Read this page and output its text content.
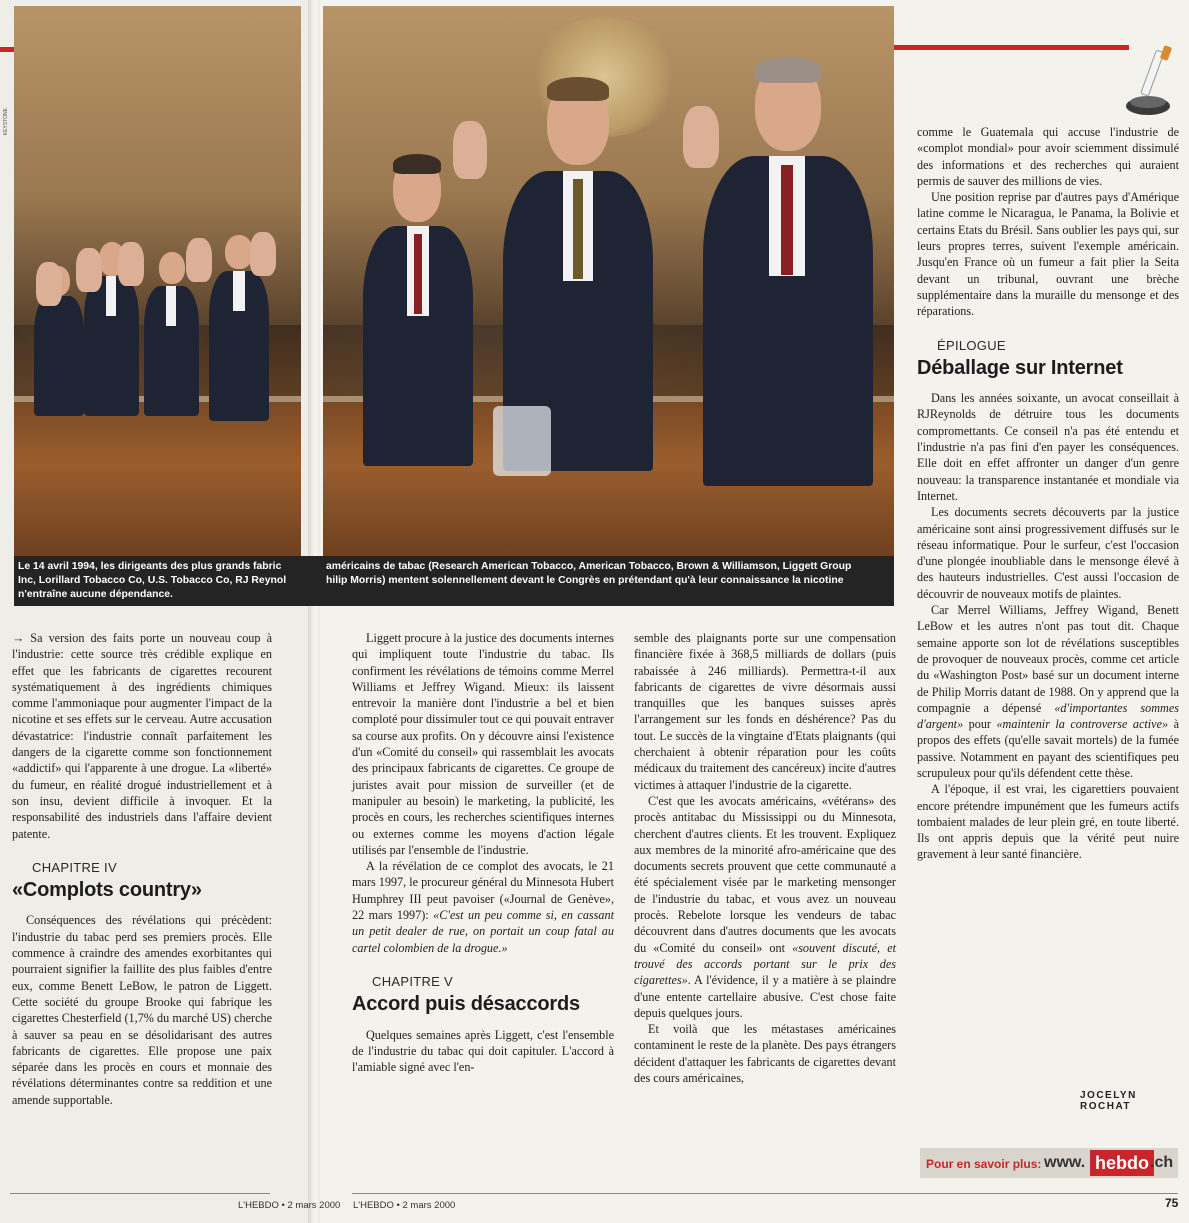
KEYSTONE
Le 14 avril 1994, les dirigeants des plus grands fabric
Inc, Lorillard Tobacco Co, U.S. Tobacco Co, RJ Reynol
n'entraîne aucune dépendance.
américains de tabac (Research American Tobacco, American Tobacco, Brown & Williamson, Liggett Group
hilip Morris) mentent solennellement devant le Congrès en prétendant qu'à leur connaissance la nicotine

→ Sa version des faits porte un nouveau coup à l'industrie: cette source très crédible explique en effet que les fabricants de cigarettes recourent systématiquement à des ingrédients chimiques comme l'ammoniaque pour augmenter l'impact de la nicotine et ses effets sur le cerveau. Autre accusation dévastatrice: l'industrie connaît parfaitement les dangers de la cigarette comme son fonctionnement «addictif» qui l'apparente à une drogue. La «liberté» du fumeur, en réalité drogué industriellement et à son insu, devient difficile à invoquer. Et la responsabilité des industriels dans l'affaire devient patente.

CHAPITRE IV
«Complots country»

Conséquences des révélations qui précèdent: l'industrie du tabac perd ses premiers procès. Elle commence à craindre des amendes exorbitantes qui pourraient signifier la faillite des plus faibles d'entre eux, comme Benett LeBow, le patron de Liggett. Cette société du groupe Brooke qui fabrique les cigarettes Chesterfield (1,7% du marché US) cherche à sauver sa peau en se désolidarisant des autres fabricants de cigarettes. Elle propose une paix séparée dans les procès en cours et monnaie des révélations déterminantes contre sa reddition et une amende supportable.

Liggett procure à la justice des documents internes qui impliquent toute l'industrie du tabac. Ils confirment les révélations de témoins comme Merrel Williams et Jeffrey Wigand. Mieux: ils laissent entrevoir la manière dont l'industrie a bel et bien comploté pour dissimuler tout ce qui pouvait entraver sa course aux profits. On y découvre ainsi l'existence d'un «Comité du conseil» qui rassemblait les avocats des principaux fabricants de cigarettes. Ce groupe de juristes avait pour mission de surveiller (et de manipuler au besoin) le marketing, la publicité, les procès en cours, les recherches scientifiques internes ou externes comme les moyens d'action légale utilisés par l'ensemble de l'industrie.

A la révélation de ce complot des avocats, le 21 mars 1997, le procureur général du Minnesota Hubert Humphrey III peut pavoiser («Journal de Genève», 22 mars 1997): «C'est un peu comme si, en cassant un petit dealer de rue, on portait un coup fatal au cartel colombien de la drogue.»

CHAPITRE V
Accord puis désaccords

Quelques semaines après Liggett, c'est l'ensemble de l'industrie du tabac qui doit capituler. L'accord à l'amiable signé avec l'en-

semble des plaignants porte sur une compensation financière fixée à 368,5 milliards de dollars (puis rabaissée à 246 milliards). Permettra-t-il aux fabricants de cigarettes de vivre désormais aussi tranquilles que les banques suisses après l'arrangement sur les fonds en déshérence? Pas du tout. Le succès de la vingtaine d'Etats plaignants (qui cherchaient à obtenir réparation pour les coûts médicaux du traitement des cancéreux) incite d'autres victimes à attaquer l'industrie de la cigarette.

C'est que les avocats américains, «vétérans» des procès antitabac du Mississippi ou du Minnesota, cherchent d'autres clients. Et les trouvent. Expliquez aux membres de la minorité afro-américaine que des documents secrets prouvent que cette communauté a été spécialement visée par le marketing mensonger de l'industrie du tabac, et vous avez un nouveau procès. Rebelote lorsque les vendeurs de tabac découvrent dans d'autres documents que les avocats du «Comité du conseil» ont «souvent discuté, et trouvé des accords portant sur le prix des cigarettes». A l'évidence, il y a matière à se plaindre d'une entente cartellaire abusive. C'est chose faite depuis quelques jours.

Et voilà que les métastases américaines contaminent le reste de la planète. Des pays étrangers décident d'attaquer les fabricants de cigarettes devant des cours américaines,

comme le Guatemala qui accuse l'industrie de «complot mondial» pour avoir sciemment dissimulé des informations et des recherches qui auraient permis de sauver des millions de vies.

Une position reprise par d'autres pays d'Amérique latine comme le Nicaragua, le Panama, la Bolivie et certains Etats du Brésil. Sans oublier les pays qui, sur leurs propres terres, suivent l'exemple américain. Jusqu'en France où un fumeur a fait plier la Seita devant un tribunal, ouvrant une brèche supplémentaire dans la muraille du mensonge et des réparations.

ÉPILOGUE
Déballage sur Internet

Dans les années soixante, un avocat conseillait à RJReynolds de détruire tous les documents compromettants. Ce conseil n'a pas été entendu et l'industrie n'a pas fini d'en payer les conséquences. Elle doit en effet affronter un danger d'un genre nouveau: la transparence instantanée et mondiale via Internet.

Les documents secrets découverts par la justice américaine sont ainsi progressivement diffusés sur le réseau informatique. Pour le surfeur, c'est l'occasion d'une plongée inoubliable dans le mensonge élevé à des hauteurs industrielles. C'est aussi l'occasion de découvrir de nouveaux motifs de plaintes.

Car Merrel Williams, Jeffrey Wigand, Benett LeBow et les autres n'ont pas tout dit. Chaque semaine apporte son lot de révélations susceptibles de provoquer de nouveaux procès, comme cet article du «Washington Post» basé sur un document interne de Philip Morris datant de 1988. On y apprend que la compagnie a dépensé «d'importantes sommes d'argent» pour «maintenir la controverse active» à propos des effets (qu'elle savait mortels) de la fumée passive. Notamment en payant des scientifiques peu scrupuleux pour qu'ils défendent cette thèse.

A l'époque, il est vrai, les cigarettiers pouvaient encore prétendre impunément que les fumeurs actifs tombaient malades de leur plein gré, en toute liberté. Ils ont appris depuis que la vérité peut nuire gravement à leur santé financière.

JOCELYN ROCHAT
Pour en savoir plus: www. hebdo .ch
L'HEBDO • 2 mars 2000 L'HEBDO • 2 mars 2000	75
